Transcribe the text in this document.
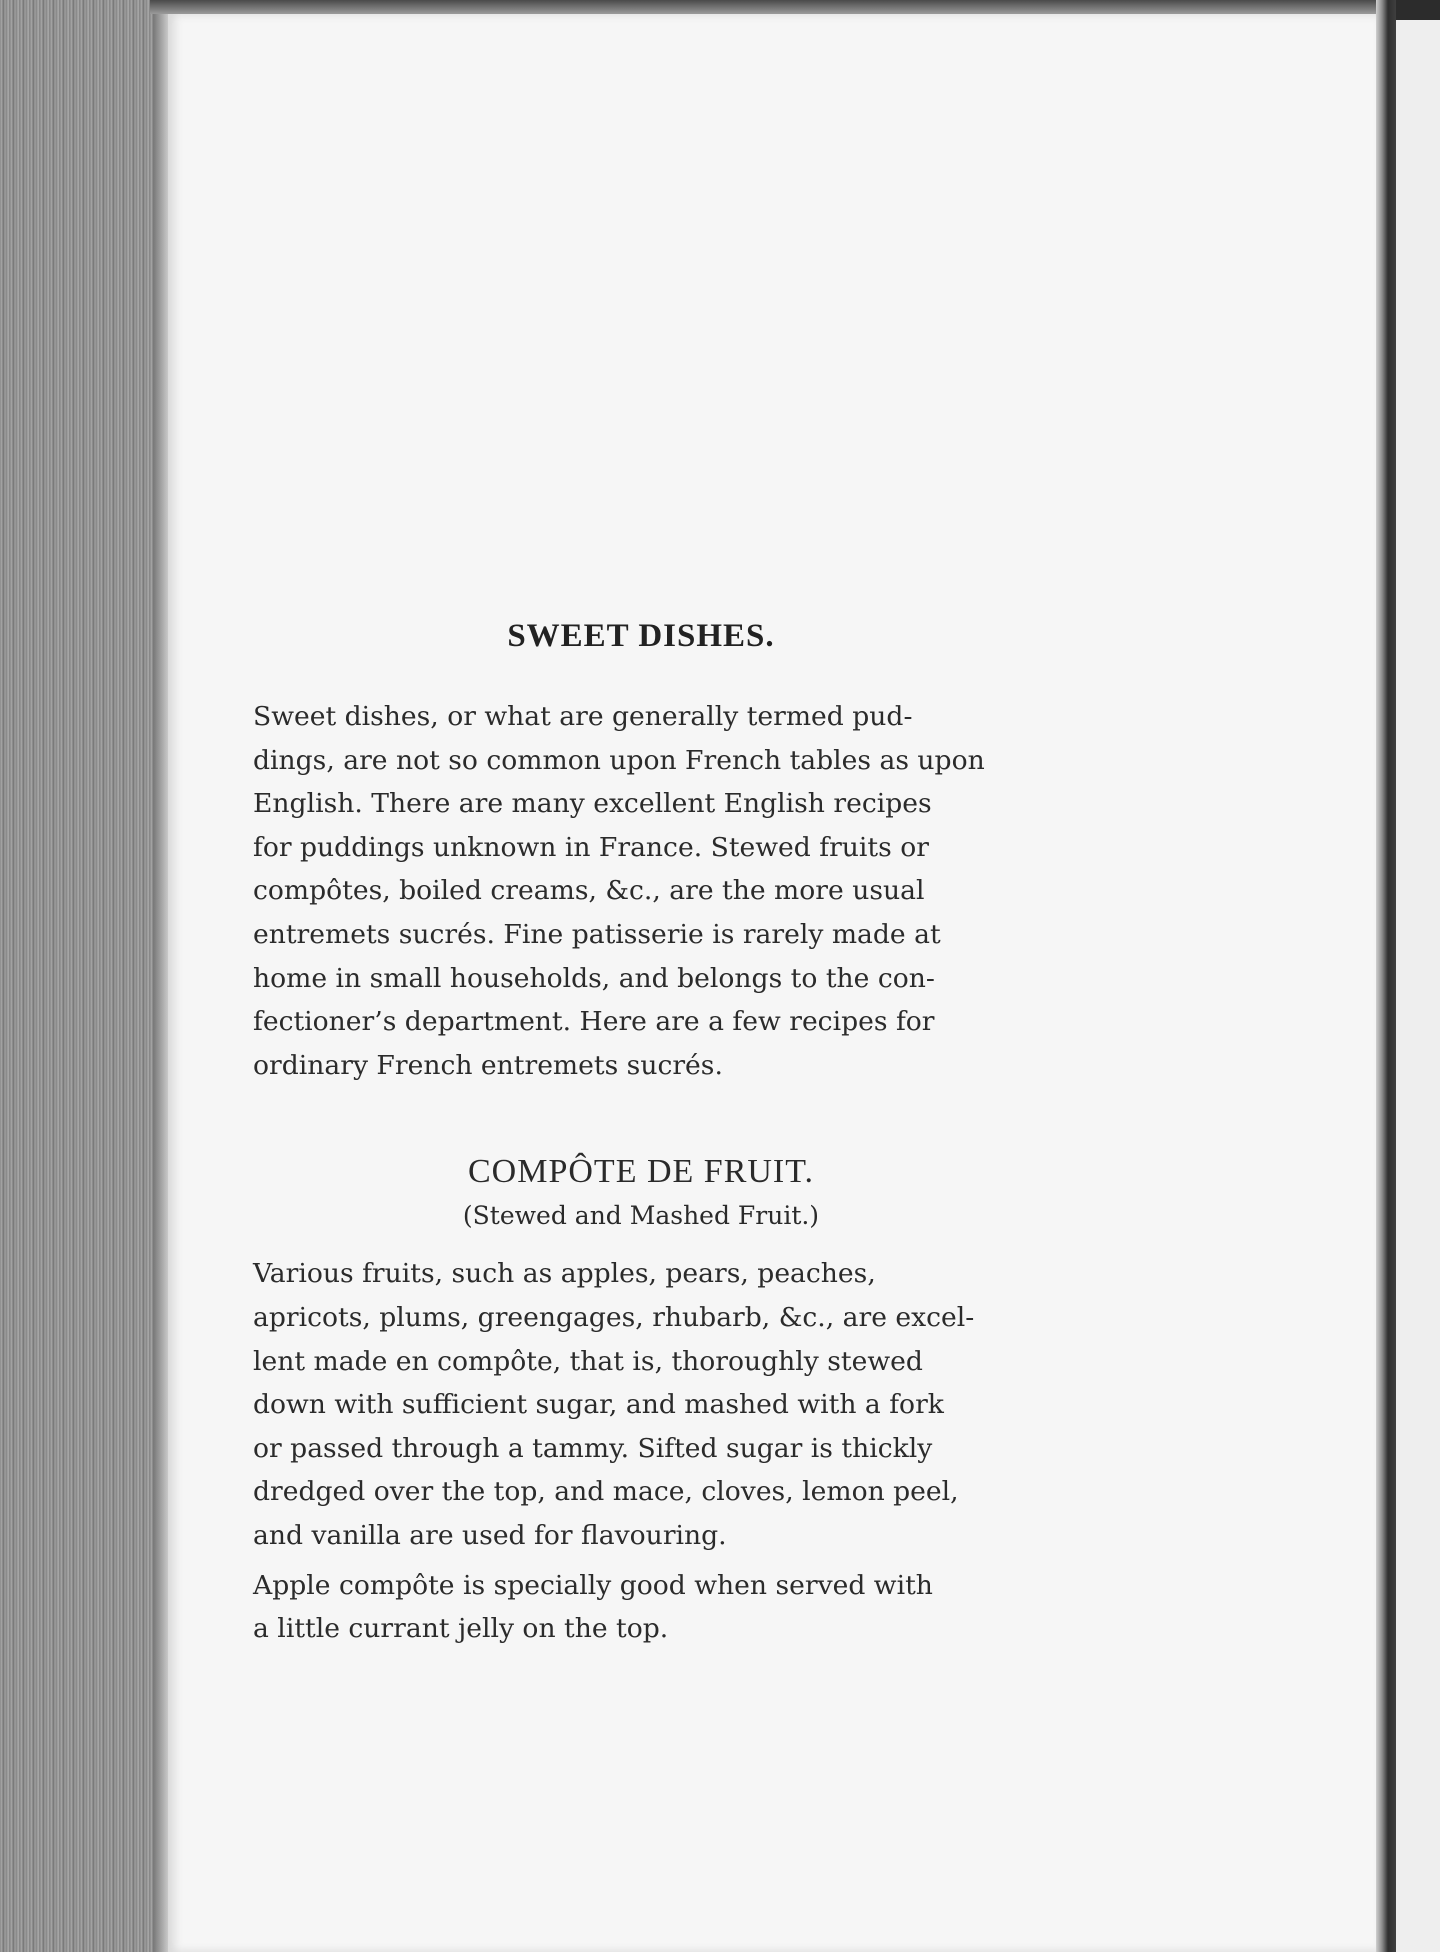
SWEET DISHES.

Sweet dishes, or what are generally termed pud-
dings, are not so common upon French tables as upon
English. There are many excellent English recipes
for puddings unknown in France. Stewed fruits or
compôtes, boiled creams, &c., are the more usual
entremets sucrés. Fine patisserie is rarely made at
home in small households, and belongs to the con-
fectioner’s department. Here are a few recipes for
ordinary French entremets sucrés.

COMPÔTE DE FRUIT.
(Stewed and Mashed Fruit.)

Various fruits, such as apples, pears, peaches,
apricots, plums, greengages, rhubarb, &c., are excel-
lent made en compôte, that is, thoroughly stewed
down with sufficient sugar, and mashed with a fork
or passed through a tammy. Sifted sugar is thickly
dredged over the top, and mace, cloves, lemon peel,
and vanilla are used for flavouring.

Apple compôte is specially good when served with
a little currant jelly on the top.
